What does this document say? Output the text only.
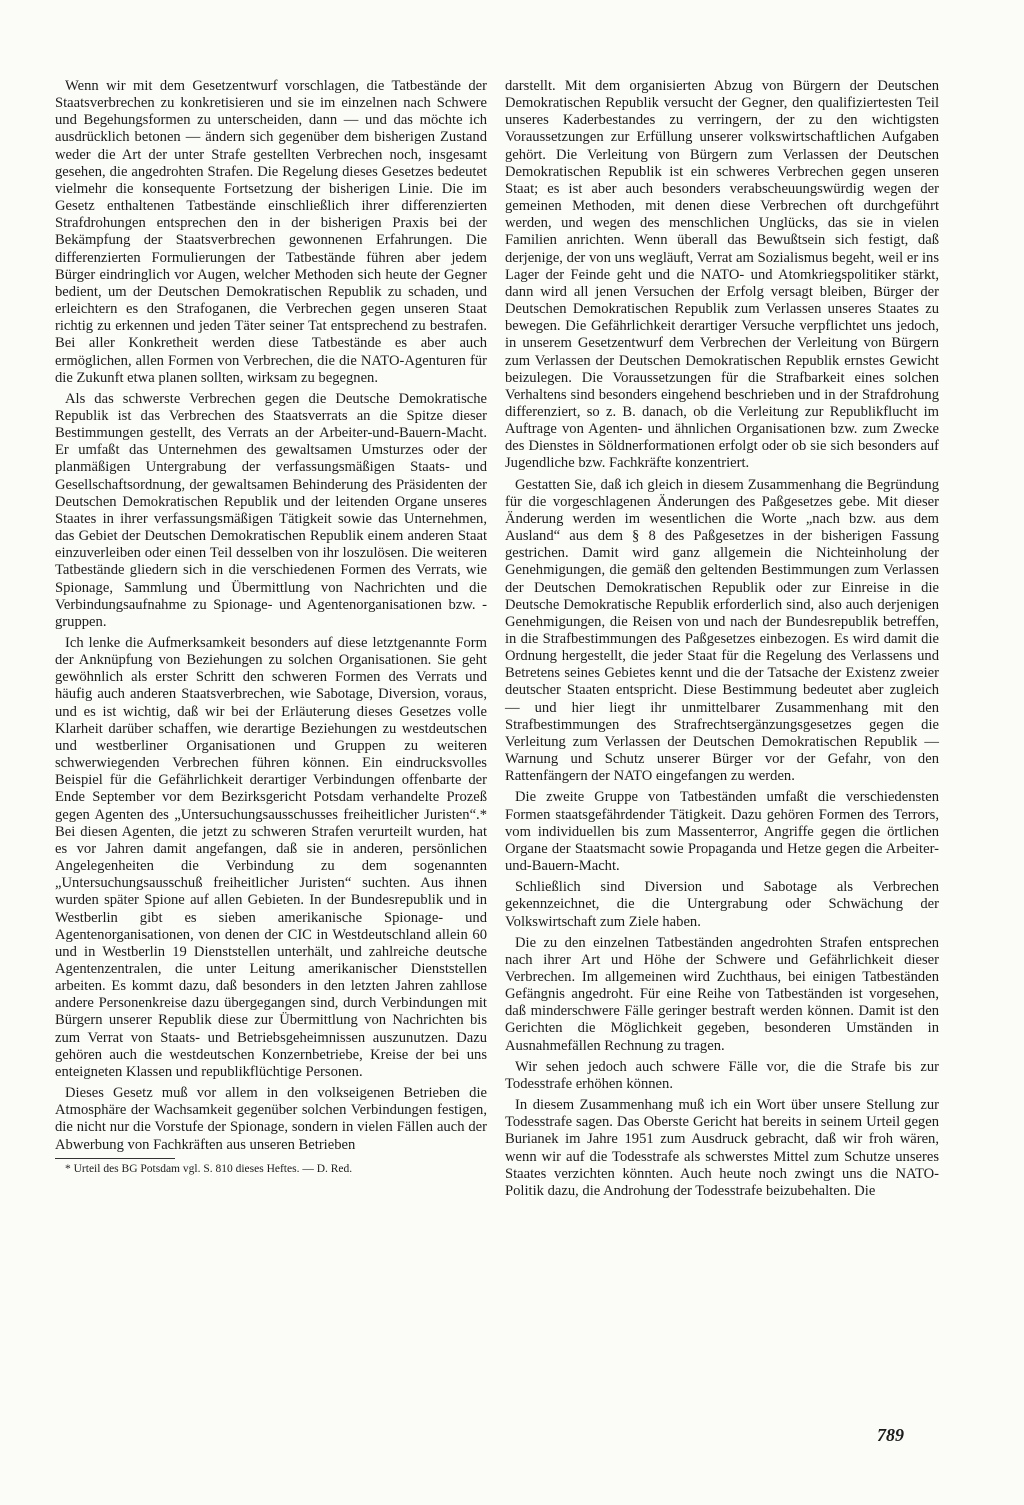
Wenn wir mit dem Gesetzentwurf vorschlagen, die Tatbestände der Staatsverbrechen zu konkretisieren und sie im einzelnen nach Schwere und Begehungsformen zu unterscheiden, dann — und das möchte ich ausdrücklich betonen — ändern sich gegenüber dem bisherigen Zustand weder die Art der unter Strafe gestellten Verbrechen noch, insgesamt gesehen, die angedrohten Strafen. Die Regelung dieses Gesetzes bedeutet vielmehr die konsequente Fortsetzung der bisherigen Linie. Die im Gesetz enthaltenen Tatbestände einschließlich ihrer differenzierten Strafdrohungen entsprechen den in der bisherigen Praxis bei der Bekämpfung der Staatsverbrechen gewonnenen Erfahrungen. Die differenzierten Formulierungen der Tatbestände führen aber jedem Bürger eindringlich vor Augen, welcher Methoden sich heute der Gegner bedient, um der Deutschen Demokratischen Republik zu schaden, und erleichtern es den Strafoganen, die Verbrechen gegen unseren Staat richtig zu erkennen und jeden Täter seiner Tat entsprechend zu bestrafen. Bei aller Konkretheit werden diese Tatbestände es aber auch ermöglichen, allen Formen von Verbrechen, die die NATO-Agenturen für die Zukunft etwa planen sollten, wirksam zu begegnen.

Als das schwerste Verbrechen gegen die Deutsche Demokratische Republik ist das Verbrechen des Staatsverrats an die Spitze dieser Bestimmungen gestellt, des Verrats an der Arbeiter-und-Bauern-Macht. Er umfaßt das Unternehmen des gewaltsamen Umsturzes oder der planmäßigen Untergrabung der verfassungsmäßigen Staats- und Gesellschaftsordnung, der gewaltsamen Behinderung des Präsidenten der Deutschen Demokratischen Republik und der leitenden Organe unseres Staates in ihrer verfassungsmäßigen Tätigkeit sowie das Unternehmen, das Gebiet der Deutschen Demokratischen Republik einem anderen Staat einzuverleiben oder einen Teil desselben von ihr loszulösen. Die weiteren Tatbestände gliedern sich in die verschiedenen Formen des Verrats, wie Spionage, Sammlung und Übermittlung von Nachrichten und die Verbindungsaufnahme zu Spionage- und Agentenorganisationen bzw. -gruppen.

Ich lenke die Aufmerksamkeit besonders auf diese letztgenannte Form der Anknüpfung von Beziehungen zu solchen Organisationen. Sie geht gewöhnlich als erster Schritt den schweren Formen des Verrats und häufig auch anderen Staatsverbrechen, wie Sabotage, Diversion, voraus, und es ist wichtig, daß wir bei der Erläuterung dieses Gesetzes volle Klarheit darüber schaffen, wie derartige Beziehungen zu westdeutschen und westberliner Organisationen und Gruppen zu weiteren schwerwiegenden Verbrechen führen können. Ein eindrucksvolles Beispiel für die Gefährlichkeit derartiger Verbindungen offenbarte der Ende September vor dem Bezirksgericht Potsdam verhandelte Prozeß gegen Agenten des „Untersuchungsausschusses freiheitlicher Juristen“.* Bei diesen Agenten, die jetzt zu schweren Strafen verurteilt wurden, hat es vor Jahren damit angefangen, daß sie in anderen, persönlichen Angelegenheiten die Verbindung zu dem sogenannten „Untersuchungsausschuß freiheitlicher Juristen“ suchten. Aus ihnen wurden später Spione auf allen Gebieten. In der Bundesrepublik und in Westberlin gibt es sieben amerikanische Spionage- und Agentenorganisationen, von denen der CIC in Westdeutschland allein 60 und in Westberlin 19 Dienststellen unterhält, und zahlreiche deutsche Agentenzentralen, die unter Leitung amerikanischer Dienststellen arbeiten. Es kommt dazu, daß besonders in den letzten Jahren zahllose andere Personenkreise dazu übergegangen sind, durch Verbindungen mit Bürgern unserer Republik diese zur Übermittlung von Nachrichten bis zum Verrat von Staats- und Betriebsgeheimnissen auszunutzen. Dazu gehören auch die westdeutschen Konzernbetriebe, Kreise der bei uns enteigneten Klassen und republikflüchtige Personen.

Dieses Gesetz muß vor allem in den volkseigenen Betrieben die Atmosphäre der Wachsamkeit gegenüber solchen Verbindungen festigen, die nicht nur die Vorstufe der Spionage, sondern in vielen Fällen auch der Abwerbung von Fachkräften aus unseren Betrieben

* Urteil des BG Potsdam vgl. S. 810 dieses Heftes. — D. Red.

darstellt. Mit dem organisierten Abzug von Bürgern der Deutschen Demokratischen Republik versucht der Gegner, den qualifiziertesten Teil unseres Kaderbestandes zu verringern, der zu den wichtigsten Voraussetzungen zur Erfüllung unserer volkswirtschaftlichen Aufgaben gehört. Die Verleitung von Bürgern zum Verlassen der Deutschen Demokratischen Republik ist ein schweres Verbrechen gegen unseren Staat; es ist aber auch besonders verabscheuungswürdig wegen der gemeinen Methoden, mit denen diese Verbrechen oft durchgeführt werden, und wegen des menschlichen Unglücks, das sie in vielen Familien anrichten. Wenn überall das Bewußtsein sich festigt, daß derjenige, der von uns wegläuft, Verrat am Sozialismus begeht, weil er ins Lager der Feinde geht und die NATO- und Atomkriegspolitiker stärkt, dann wird all jenen Versuchen der Erfolg versagt bleiben, Bürger der Deutschen Demokratischen Republik zum Verlassen unseres Staates zu bewegen. Die Gefährlichkeit derartiger Versuche verpflichtet uns jedoch, in unserem Gesetzentwurf dem Verbrechen der Verleitung von Bürgern zum Verlassen der Deutschen Demokratischen Republik ernstes Gewicht beizulegen. Die Voraussetzungen für die Strafbarkeit eines solchen Verhaltens sind besonders eingehend beschrieben und in der Strafdrohung differenziert, so z. B. danach, ob die Verleitung zur Republikflucht im Auftrage von Agenten- und ähnlichen Organisationen bzw. zum Zwecke des Dienstes in Söldnerformationen erfolgt oder ob sie sich besonders auf Jugendliche bzw. Fachkräfte konzentriert.

Gestatten Sie, daß ich gleich in diesem Zusammenhang die Begründung für die vorgeschlagenen Änderungen des Paßgesetzes gebe. Mit dieser Änderung werden im wesentlichen die Worte „nach bzw. aus dem Ausland“ aus dem § 8 des Paßgesetzes in der bisherigen Fassung gestrichen. Damit wird ganz allgemein die Nichteinholung der Genehmigungen, die gemäß den geltenden Bestimmungen zum Verlassen der Deutschen Demokratischen Republik oder zur Einreise in die Deutsche Demokratische Republik erforderlich sind, also auch derjenigen Genehmigungen, die Reisen von und nach der Bundesrepublik betreffen, in die Strafbestimmungen des Paßgesetzes einbezogen. Es wird damit die Ordnung hergestellt, die jeder Staat für die Regelung des Verlassens und Betretens seines Gebietes kennt und die der Tatsache der Existenz zweier deutscher Staaten entspricht. Diese Bestimmung bedeutet aber zugleich — und hier liegt ihr unmittelbarer Zusammenhang mit den Strafbestimmungen des Strafrechtsergänzungsgesetzes gegen die Verleitung zum Verlassen der Deutschen Demokratischen Republik — Warnung und Schutz unserer Bürger vor der Gefahr, von den Rattenfängern der NATO eingefangen zu werden.

Die zweite Gruppe von Tatbeständen umfaßt die verschiedensten Formen staatsgefährdender Tätigkeit. Dazu gehören Formen des Terrors, vom individuellen bis zum Massenterror, Angriffe gegen die örtlichen Organe der Staatsmacht sowie Propaganda und Hetze gegen die Arbeiter-und-Bauern-Macht.

Schließlich sind Diversion und Sabotage als Verbrechen gekennzeichnet, die die Untergrabung oder Schwächung der Volkswirtschaft zum Ziele haben.

Die zu den einzelnen Tatbeständen angedrohten Strafen entsprechen nach ihrer Art und Höhe der Schwere und Gefährlichkeit dieser Verbrechen. Im allgemeinen wird Zuchthaus, bei einigen Tatbeständen Gefängnis angedroht. Für eine Reihe von Tatbeständen ist vorgesehen, daß minderschwere Fälle geringer bestraft werden können. Damit ist den Gerichten die Möglichkeit gegeben, besonderen Umständen in Ausnahmefällen Rechnung zu tragen.

Wir sehen jedoch auch schwere Fälle vor, die die Strafe bis zur Todesstrafe erhöhen können.

In diesem Zusammenhang muß ich ein Wort über unsere Stellung zur Todesstrafe sagen. Das Oberste Gericht hat bereits in seinem Urteil gegen Burianek im Jahre 1951 zum Ausdruck gebracht, daß wir froh wären, wenn wir auf die Todesstrafe als schwerstes Mittel zum Schutze unseres Staates verzichten könnten. Auch heute noch zwingt uns die NATO-Politik dazu, die Androhung der Todesstrafe beizubehalten. Die

789
